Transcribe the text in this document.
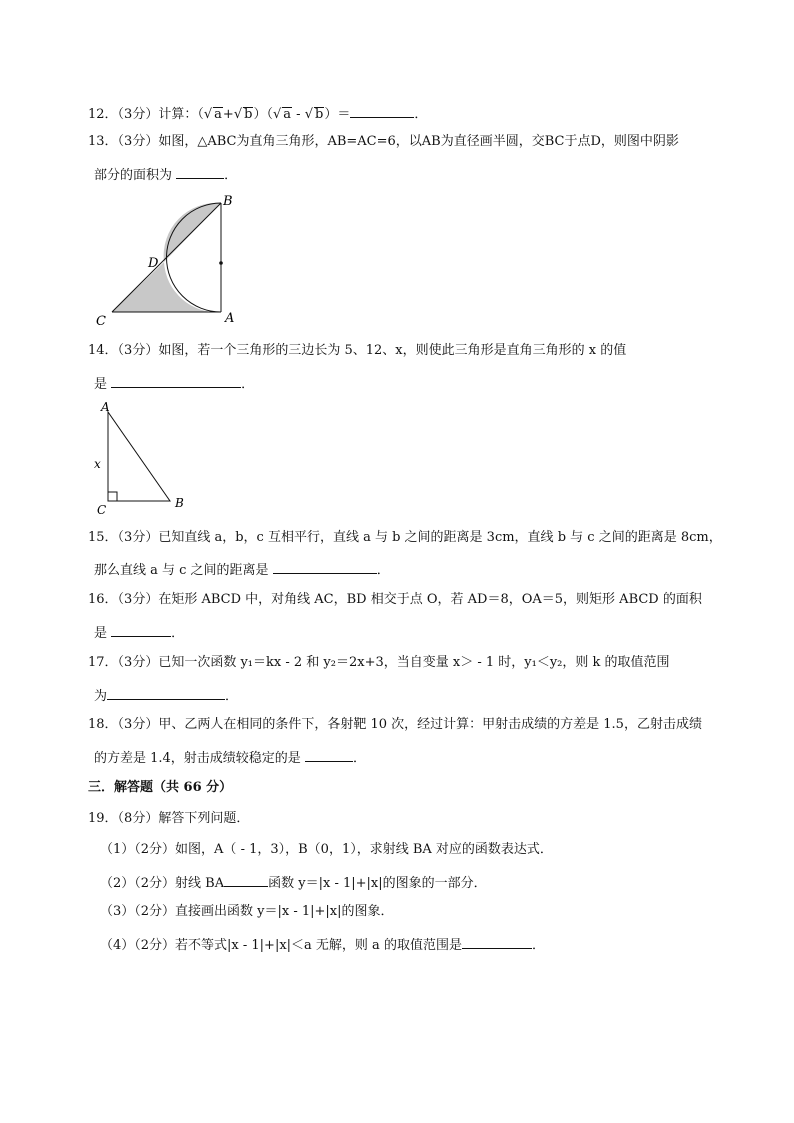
12．（3分）计算：（√ a+√ b）（√ a - √ b）＝	．
13．（3分）如图，△ABC为直角三角形，AB=AC=6，以AB为直径画半圆，交BC于点D，则图中阴影
部分的面积为	．
B
D
C	A
14．（3分）如图，若一个三角形的三边长为 5、12、x，则使此三角形是直角三角形的 x 的值
是	．
A
x
C	B
15．（3分）已知直线 a，b，c 互相平行，直线 a 与 b 之间的距离是 3cm，直线 b 与 c 之间的距离是 8cm，
那么直线 a 与 c 之间的距离是	．
16．（3分）在矩形 ABCD 中，对角线 AC，BD 相交于点 O，若 AD＝8，OA＝5，则矩形 ABCD 的面积
是	．
17．（3分）已知一次函数 y₁＝kx - 2 和 y₂＝2x+3，当自变量 x＞ - 1 时，y₁＜y₂，则 k 的取值范围
为	．
18．（3分）甲、乙两人在相同的条件下，各射靶 10 次，经过计算：甲射击成绩的方差是 1.5，乙射击成绩
的方差是 1.4，射击成绩较稳定的是	．
三．解答题（共 66 分）
19．（8分）解答下列问题．
（1）（2分）如图，A（ - 1，3），B（0，1），求射线 BA 对应的函数表达式．
（2）（2分）射线 BA	函数 y＝|x - 1|+|x|的图象的一部分．
（3）（2分）直接画出函数 y＝|x - 1|+|x|的图象．
（4）（2分）若不等式|x - 1|+|x|＜a 无解，则 a 的取值范围是	．
